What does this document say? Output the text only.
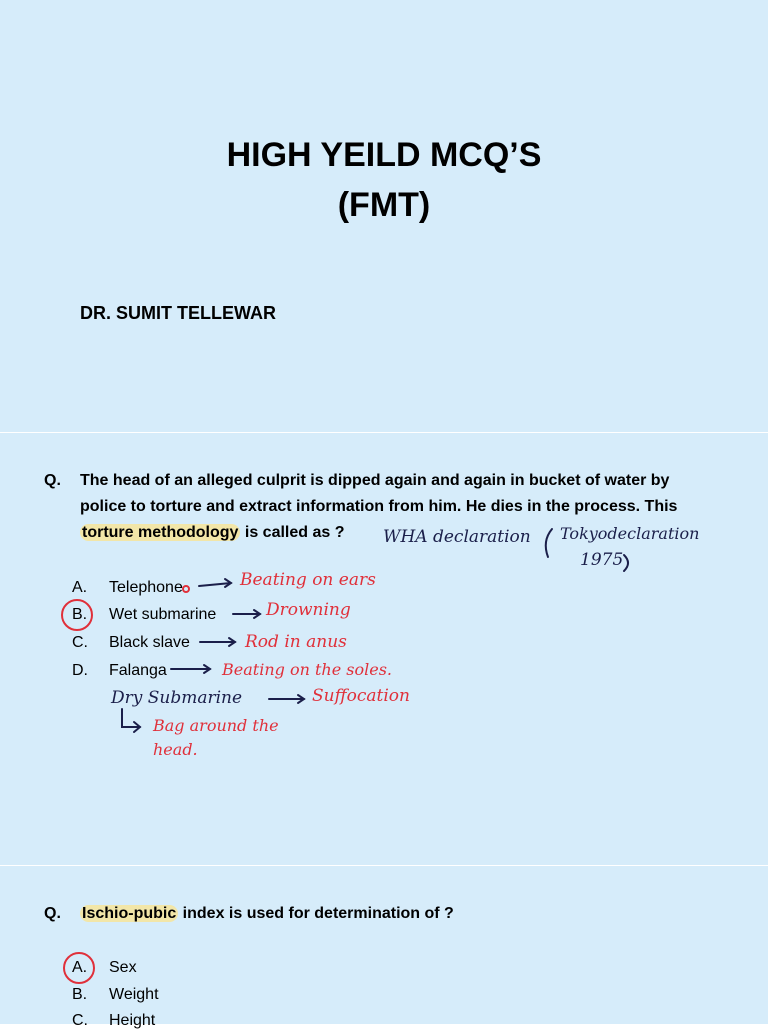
HIGH YEILD MCQ’S
(FMT)
DR. SUMIT TELLEWAR
Q. The head of an alleged culprit is dipped again and again in bucket of water by
police to torture and extract information from him. He dies in the process. This
torture methodology is called as ?
A. Telephone
B. Wet submarine
C. Black slave
D. Falanga
WHA declaration Tokyodeclaration
1975
Beating on ears
Drowning
Rod in anus
Beating on the soles.
Dry Submarine	Suffocation
Bag around the
head.
Q. Ischio-pubic index is used for determination of ?
A. Sex
B. Weight
C. Height
